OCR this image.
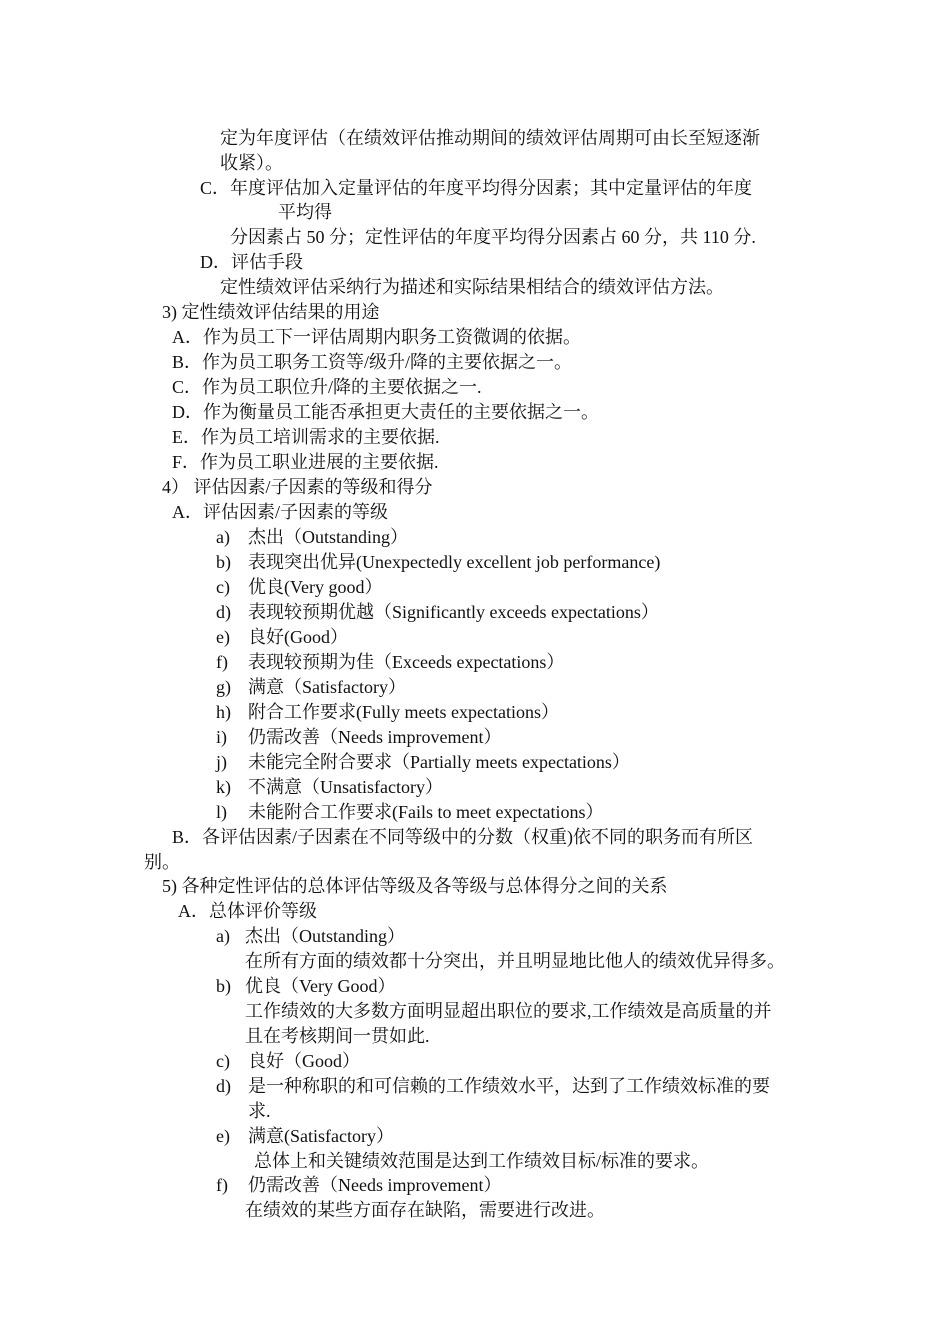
定为年度评估（在绩效评估推动期间的绩效评估周期可由长至短逐渐
收紧）。
C．年度评估加入定量评估的年度平均得分因素；其中定量评估的年度
平均得
分因素占 50 分；定性评估的年度平均得分因素占 60 分，共 110 分.
D．评估手段
定性绩效评估采纳行为描述和实际结果相结合的绩效评估方法。
3) 定性绩效评估结果的用途
A．作为员工下一评估周期内职务工资微调的依据。
B．作为员工职务工资等/级升/降的主要依据之一。
C．作为员工职位升/降的主要依据之一.
D．作为衡量员工能否承担更大责任的主要依据之一。
E．作为员工培训需求的主要依据.
F．作为员工职业进展的主要依据.
4） 评估因素/子因素的等级和得分
A．评估因素/子因素的等级
a) 杰出（Outstanding）
b) 表现突出优异(Unexpectedly excellent job performance)
c) 优良(Very good）
d) 表现较预期优越（Significantly exceeds expectations）
e) 良好(Good）
f) 表现较预期为佳（Exceeds expectations）
g) 满意（Satisfactory）
h) 附合工作要求(Fully meets expectations）
i) 仍需改善（Needs improvement）
j) 未能完全附合要求（Partially meets expectations）
k) 不满意（Unsatisfactory）
l) 未能附合工作要求(Fails to meet expectations）
B．各评估因素/子因素在不同等级中的分数（权重)依不同的职务而有所区
别。
5) 各种定性评估的总体评估等级及各等级与总体得分之间的关系
A．总体评价等级
a) 杰出（Outstanding）
在所有方面的绩效都十分突出，并且明显地比他人的绩效优异得多。
b) 优良（Very Good）
工作绩效的大多数方面明显超出职位的要求,工作绩效是高质量的并
且在考核期间一贯如此.
c) 良好（Good）
d) 是一种称职的和可信赖的工作绩效水平，达到了工作绩效标准的要
求.
e) 满意(Satisfactory）
总体上和关键绩效范围是达到工作绩效目标/标准的要求。
f) 仍需改善（Needs improvement）
在绩效的某些方面存在缺陷，需要进行改进。
